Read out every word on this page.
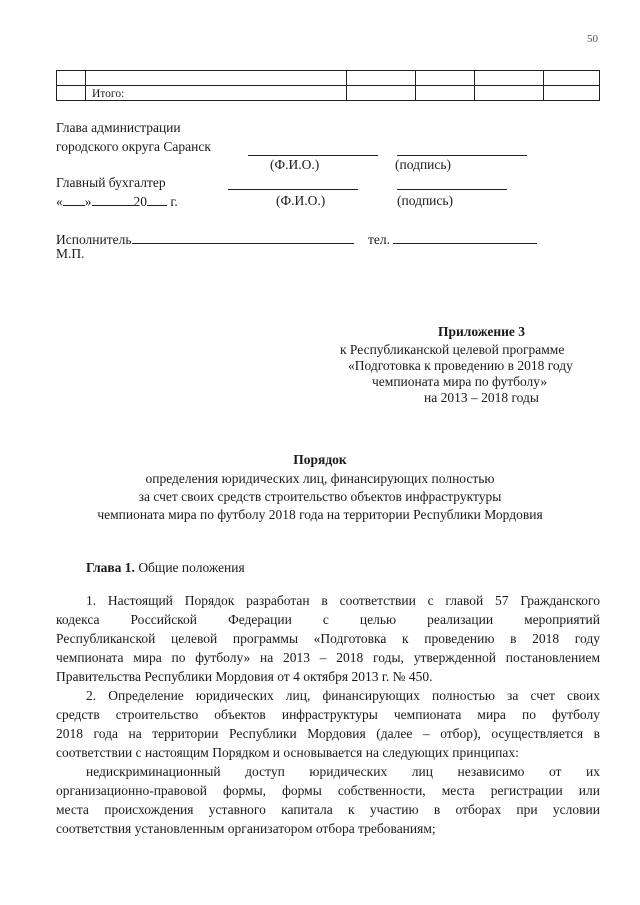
50

	Итого:				
Глава администрации
городского округа Саранск
(Ф.И.О.)	(подпись)
Главный бухгалтер
« »	20 г.	(Ф.И.О.)	(подпись)
Исполнитель	тел.
М.П.
Приложение 3
к Республиканской целевой программе
«Подготовка к проведению в 2018 году
чемпионата мира по футболу»
на 2013 – 2018 годы
Порядок
определения юридических лиц, финансирующих полностью
за счет своих средств строительство объектов инфраструктуры
чемпионата мира по футболу 2018 года на территории Республики Мордовия
Глава 1. Общие положения
1. Настоящий Порядок разработан в соответствии с главой 57 Гражданского
кодекса Российской Федерации с целью реализации мероприятий
Республиканской целевой программы «Подготовка к проведению в 2018 году
чемпионата мира по футболу» на 2013 – 2018 годы, утвержденной постановлением
Правительства Республики Мордовия от 4 октября 2013 г. № 450.
2. Определение юридических лиц, финансирующих полностью за счет своих
средств строительство объектов инфраструктуры чемпионата мира по футболу
2018 года на территории Республики Мордовия (далее – отбор), осуществляется в
соответствии с настоящим Порядком и основывается на следующих принципах:
недискриминационный доступ юридических лиц независимо от их
организационно-правовой формы, формы собственности, места регистрации или
места происхождения уставного капитала к участию в отборах при условии
соответствия установленным организатором отбора требованиям;
